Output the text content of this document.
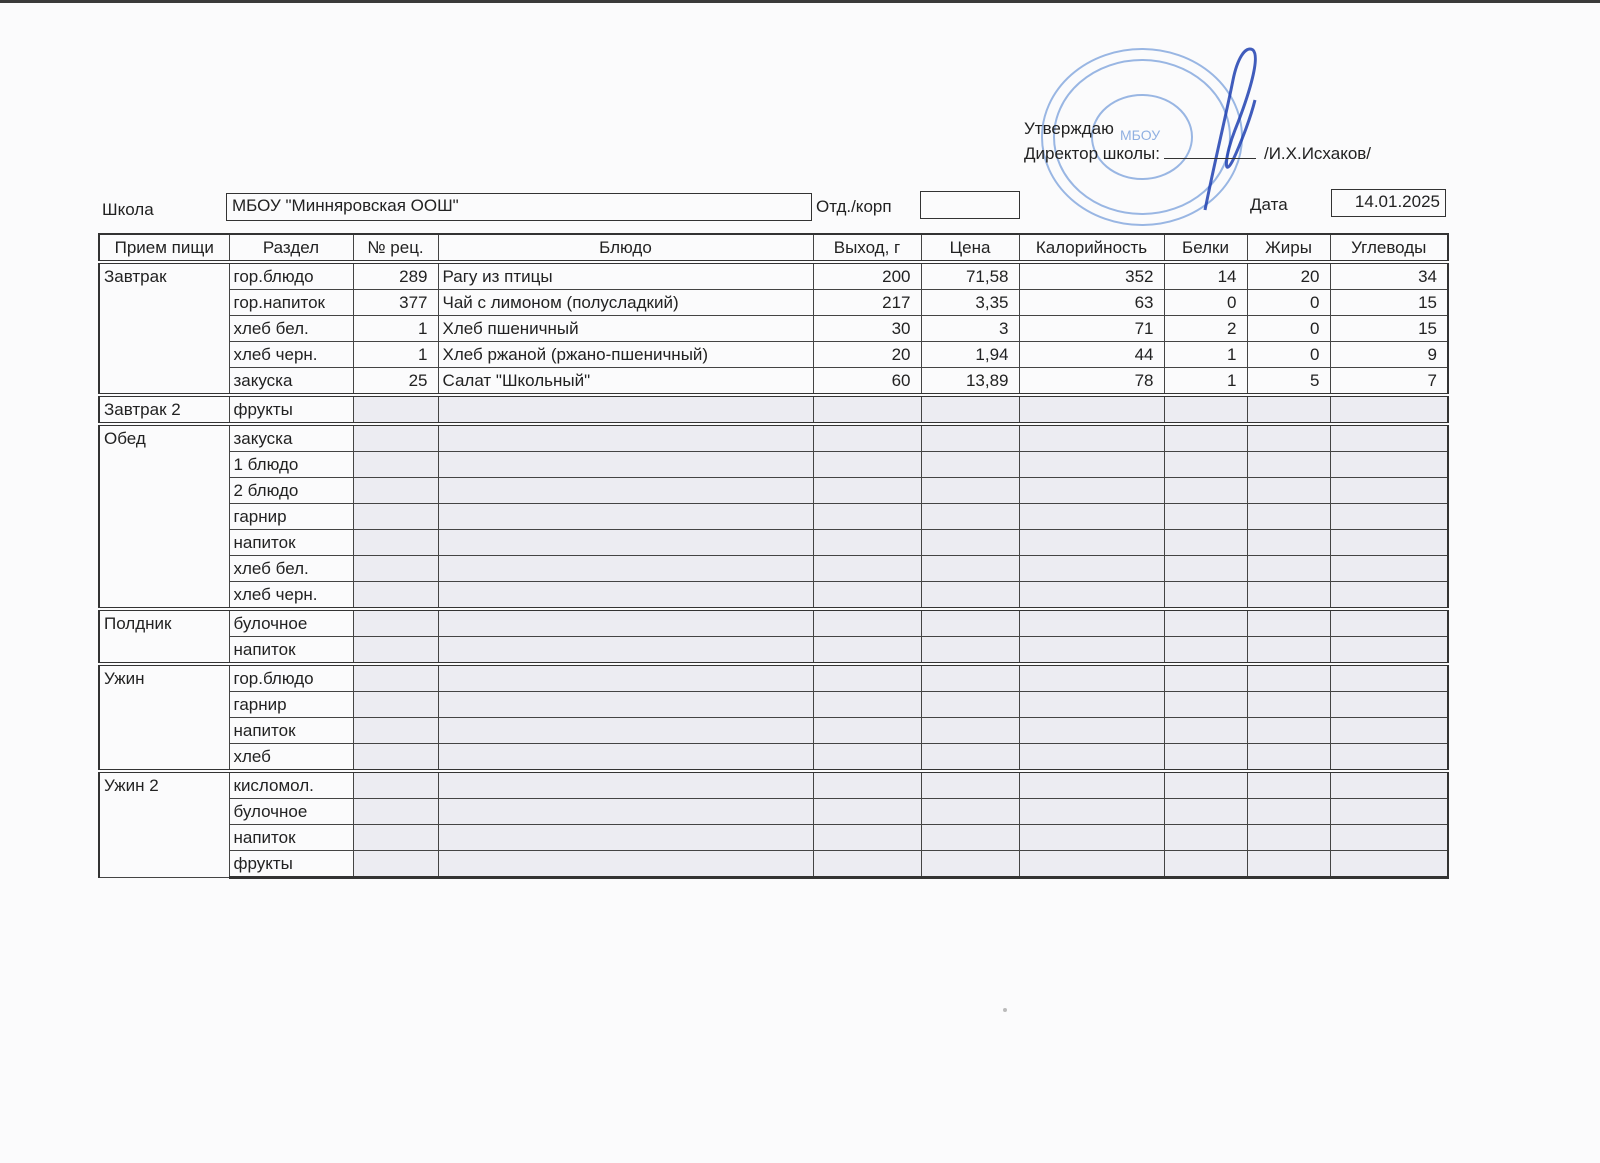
МБОУ
Утверждаю
Директор школы:	/И.Х.Исхаков/
Школа	МБОУ "Минняровская ООШ"	Отд./корп	Дата	14.01.2025
Прием пищи	Раздел	№ рец.	Блюдо	Выход, г	Цена	Калорийность	Белки	Жиры	Углеводы
Завтрак	гор.блюдо	289	Рагу из птицы	200	71,58	352	14	20	34
	гор.напиток	377	Чай с лимоном (полусладкий)	217	3,35	63	0	0	15
	хлеб бел.	1	Хлеб пшеничный	30	3	71	2	0	15
	хлеб черн.	1	Хлеб ржаной (ржано-пшеничный)	20	1,94	44	1	0	9
	закуска	25	Салат "Школьный"	60	13,89	78	1	5	7
Завтрак 2	фрукты								
Обед	закуска								
	1 блюдо								
	2 блюдо								
	гарнир								
	напиток								
	хлеб бел.								
	хлеб черн.								
Полдник	булочное								
	напиток								
Ужин	гор.блюдо								
	гарнир								
	напиток								
	хлеб								
Ужин 2	кисломол.								
	булочное								
	напиток								
	фрукты								
